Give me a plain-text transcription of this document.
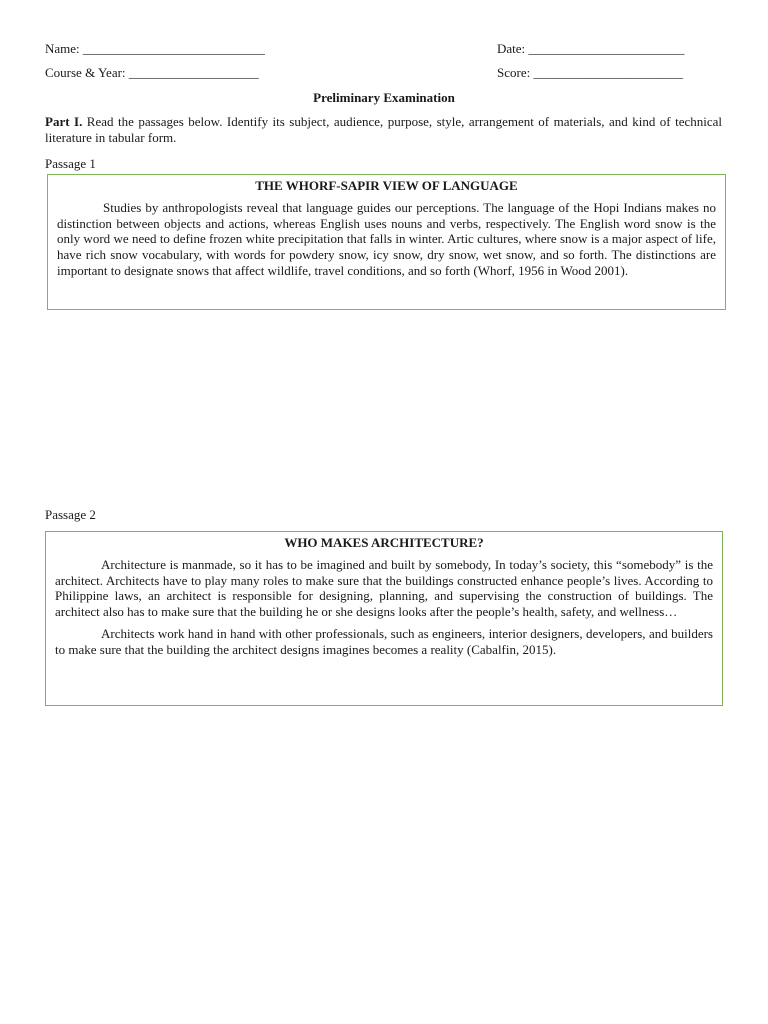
Name: ____________________________	Date: ________________________
Course & Year: ____________________	Score: _______________________
Preliminary Examination
Part I. Read the passages below. Identify its subject, audience, purpose, style, arrangement of materials, and kind of technical literature in tabular form.
Passage 1
THE WHORF-SAPIR VIEW OF LANGUAGE

Studies by anthropologists reveal that language guides our perceptions. The language of the Hopi Indians makes no distinction between objects and actions, whereas English uses nouns and verbs, respectively. The English word snow is the only word we need to define frozen white precipitation that falls in winter. Artic cultures, where snow is a major aspect of life, have rich snow vocabulary, with words for powdery snow, icy snow, dry snow, wet snow, and so forth. The distinctions are important to designate snows that affect wildlife, travel conditions, and so forth (Whorf, 1956 in Wood 2001).

Passage 2
WHO MAKES ARCHITECTURE?

Architecture is manmade, so it has to be imagined and built by somebody, In today’s society, this “somebody” is the architect. Architects have to play many roles to make sure that the buildings constructed enhance people’s lives. According to Philippine laws, an architect is responsible for designing, planning, and supervising the construction of buildings. The architect also has to make sure that the building he or she designs looks after the people’s health, safety, and wellness…

Architects work hand in hand with other professionals, such as engineers, interior designers, developers, and builders to make sure that the building the architect designs imagines becomes a reality (Cabalfin, 2015).
